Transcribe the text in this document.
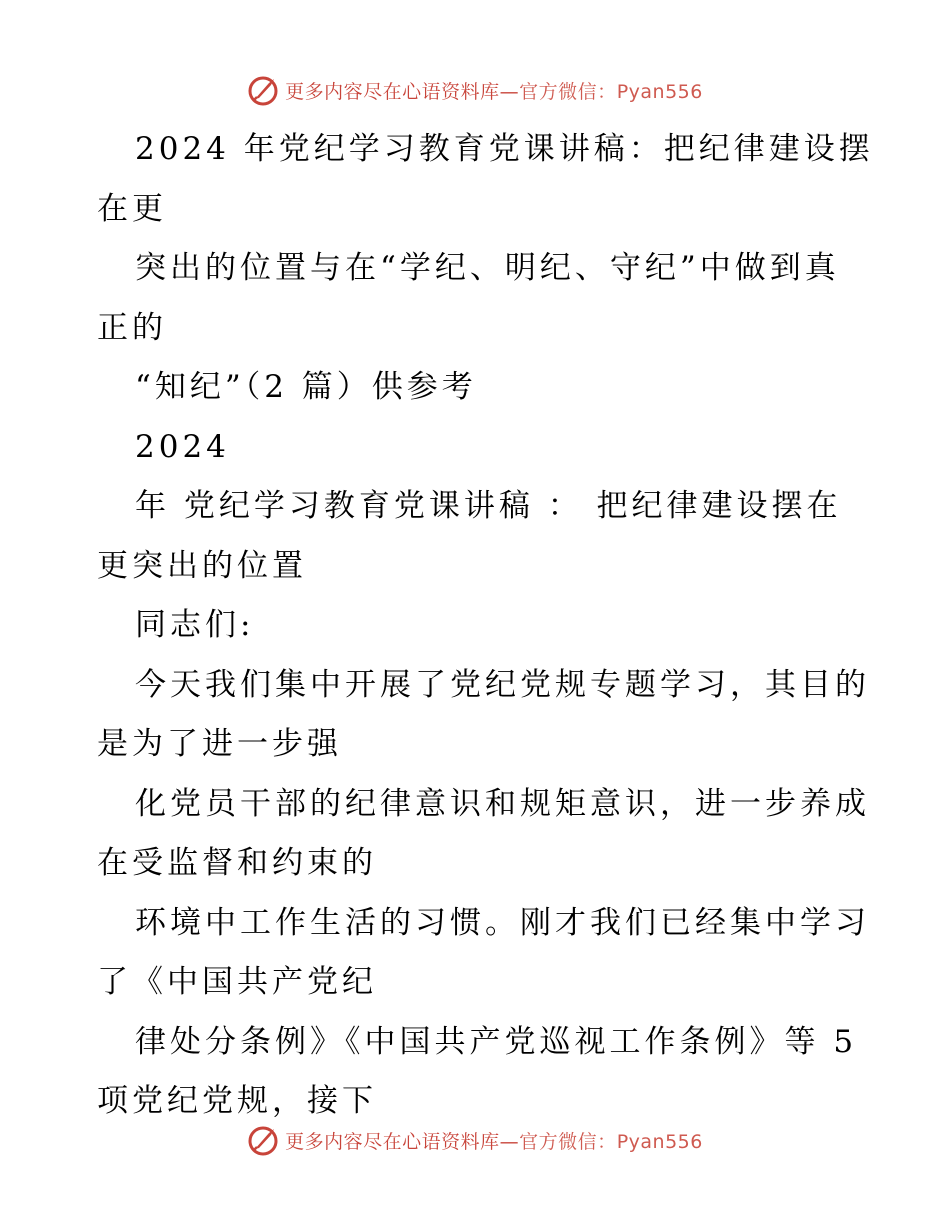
更多内容尽在心语资料库—官方微信：Pyan556

2024 年党纪学习教育党课讲稿：把纪律建设摆
在更

突出的位置与在“学纪、明纪、守纪”中做到真
正的

“知纪”（2 篇）供参考

2024

年 党纪学习教育党课讲稿 ： 把纪律建设摆在
更突出的位置

同志们:

今天我们集中开展了党纪党规专题学习，其目的
是为了进一步强

化党员干部的纪律意识和规矩意识，进一步养成
在受监督和约束的

环境中工作生活的习惯。刚才我们已经集中学习
了《中国共产党纪

律处分条例》《中国共产党巡视工作条例》等 5
项党纪党规，接下

更多内容尽在心语资料库—官方微信：Pyan556
